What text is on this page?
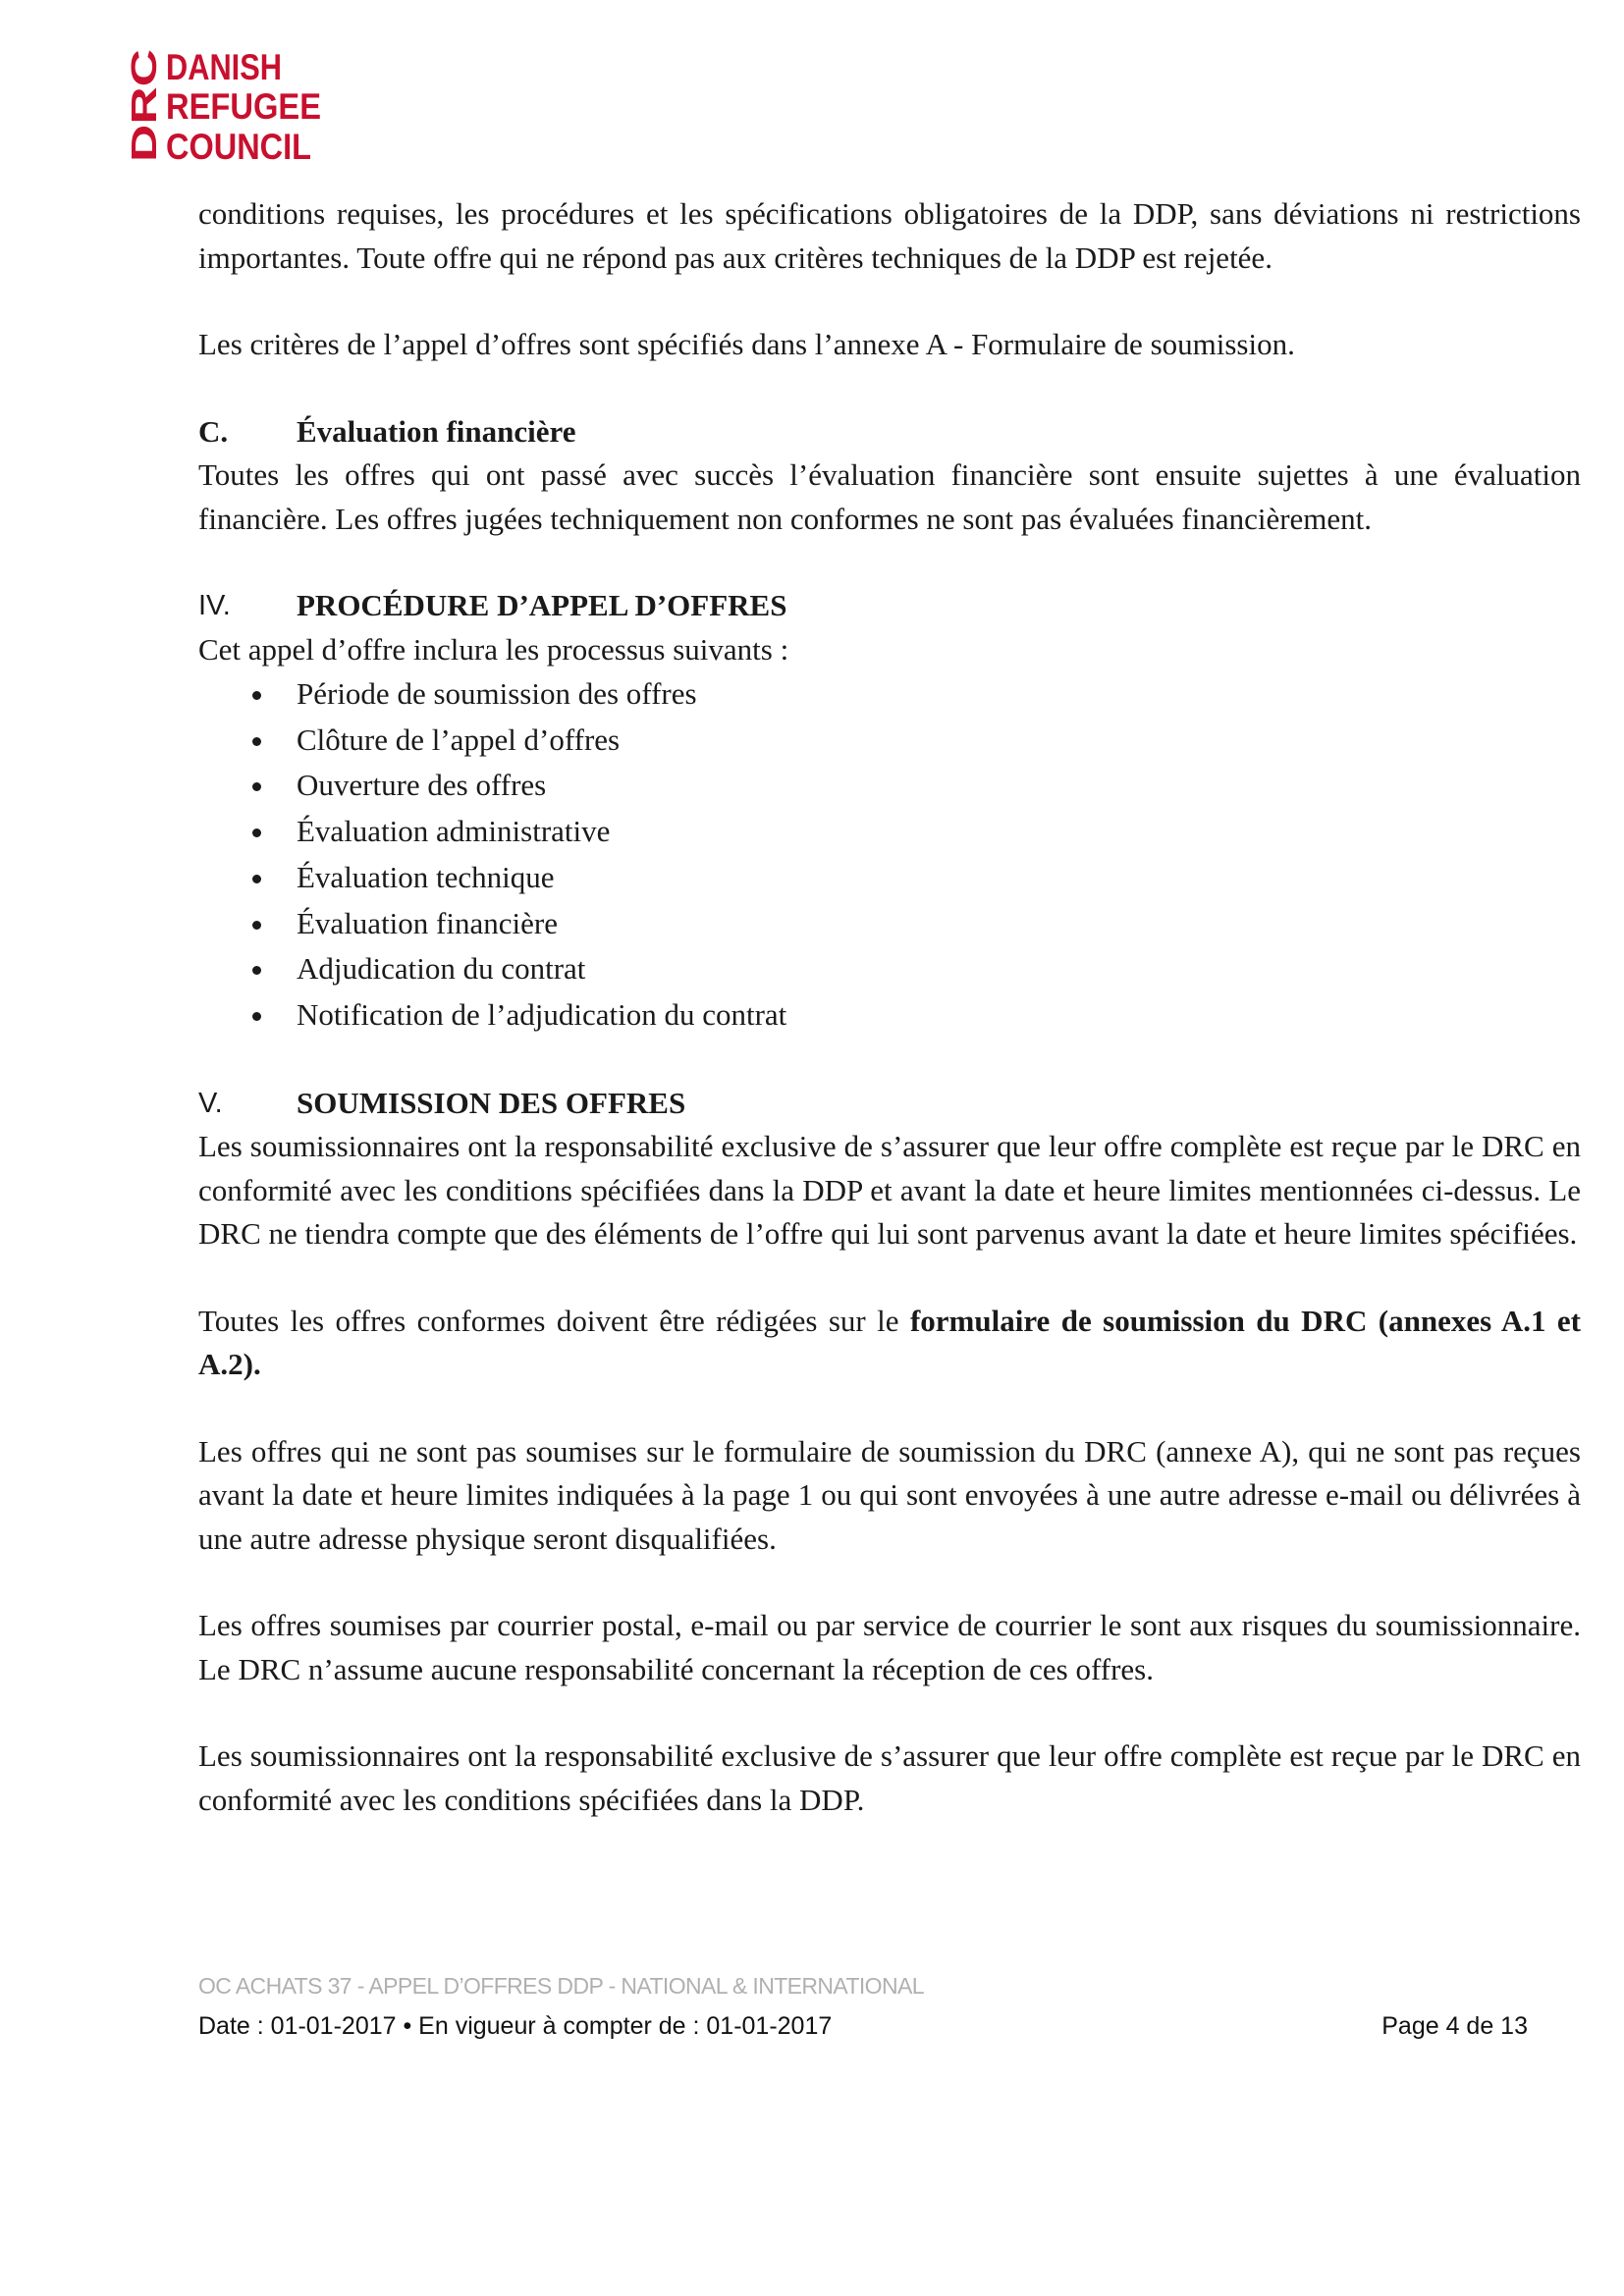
DRC
DANISH
REFUGEE
COUNCIL

conditions requises, les procédures et les spécifications obligatoires de la DDP, sans déviations ni restrictions importantes. Toute offre qui ne répond pas aux critères techniques de la DDP est rejetée.

Les critères de l’appel d’offres sont spécifiés dans l’annexe A - Formulaire de soumission.

C.	Évaluation financière

Toutes les offres qui ont passé avec succès l’évaluation financière sont ensuite sujettes à une évaluation financière. Les offres jugées techniquement non conformes ne sont pas évaluées financièrement.

IV.	PROCÉDURE D’APPEL D’OFFRES

Cet appel d’offre inclura les processus suivants :

Période de soumission des offres
Clôture de l’appel d’offres
Ouverture des offres
Évaluation administrative
Évaluation technique
Évaluation financière
Adjudication du contrat
Notification de l’adjudication du contrat
V.	SOUMISSION DES OFFRES

Les soumissionnaires ont la responsabilité exclusive de s’assurer que leur offre complète est reçue par le DRC en conformité avec les conditions spécifiées dans la DDP et avant la date et heure limites mentionnées ci-dessus. Le DRC ne tiendra compte que des éléments de l’offre qui lui sont parvenus avant la date et heure limites spécifiées.

Toutes les offres conformes doivent être rédigées sur le formulaire de soumission du DRC (annexes A.1 et A.2).

Les offres qui ne sont pas soumises sur le formulaire de soumission du DRC (annexe A), qui ne sont pas reçues avant la date et heure limites indiquées à la page 1 ou qui sont envoyées à une autre adresse e-mail ou délivrées à une autre adresse physique seront disqualifiées.

Les offres soumises par courrier postal, e-mail ou par service de courrier le sont aux risques du soumissionnaire. Le DRC n’assume aucune responsabilité concernant la réception de ces offres.

Les soumissionnaires ont la responsabilité exclusive de s’assurer que leur offre complète est reçue par le DRC en conformité avec les conditions spécifiées dans la DDP.

OC ACHATS 37 - APPEL D’OFFRES DDP - NATIONAL & INTERNATIONAL
Date : 01-01-2017 • En vigueur à compter de : 01-01-2017	Page 4 de 13
